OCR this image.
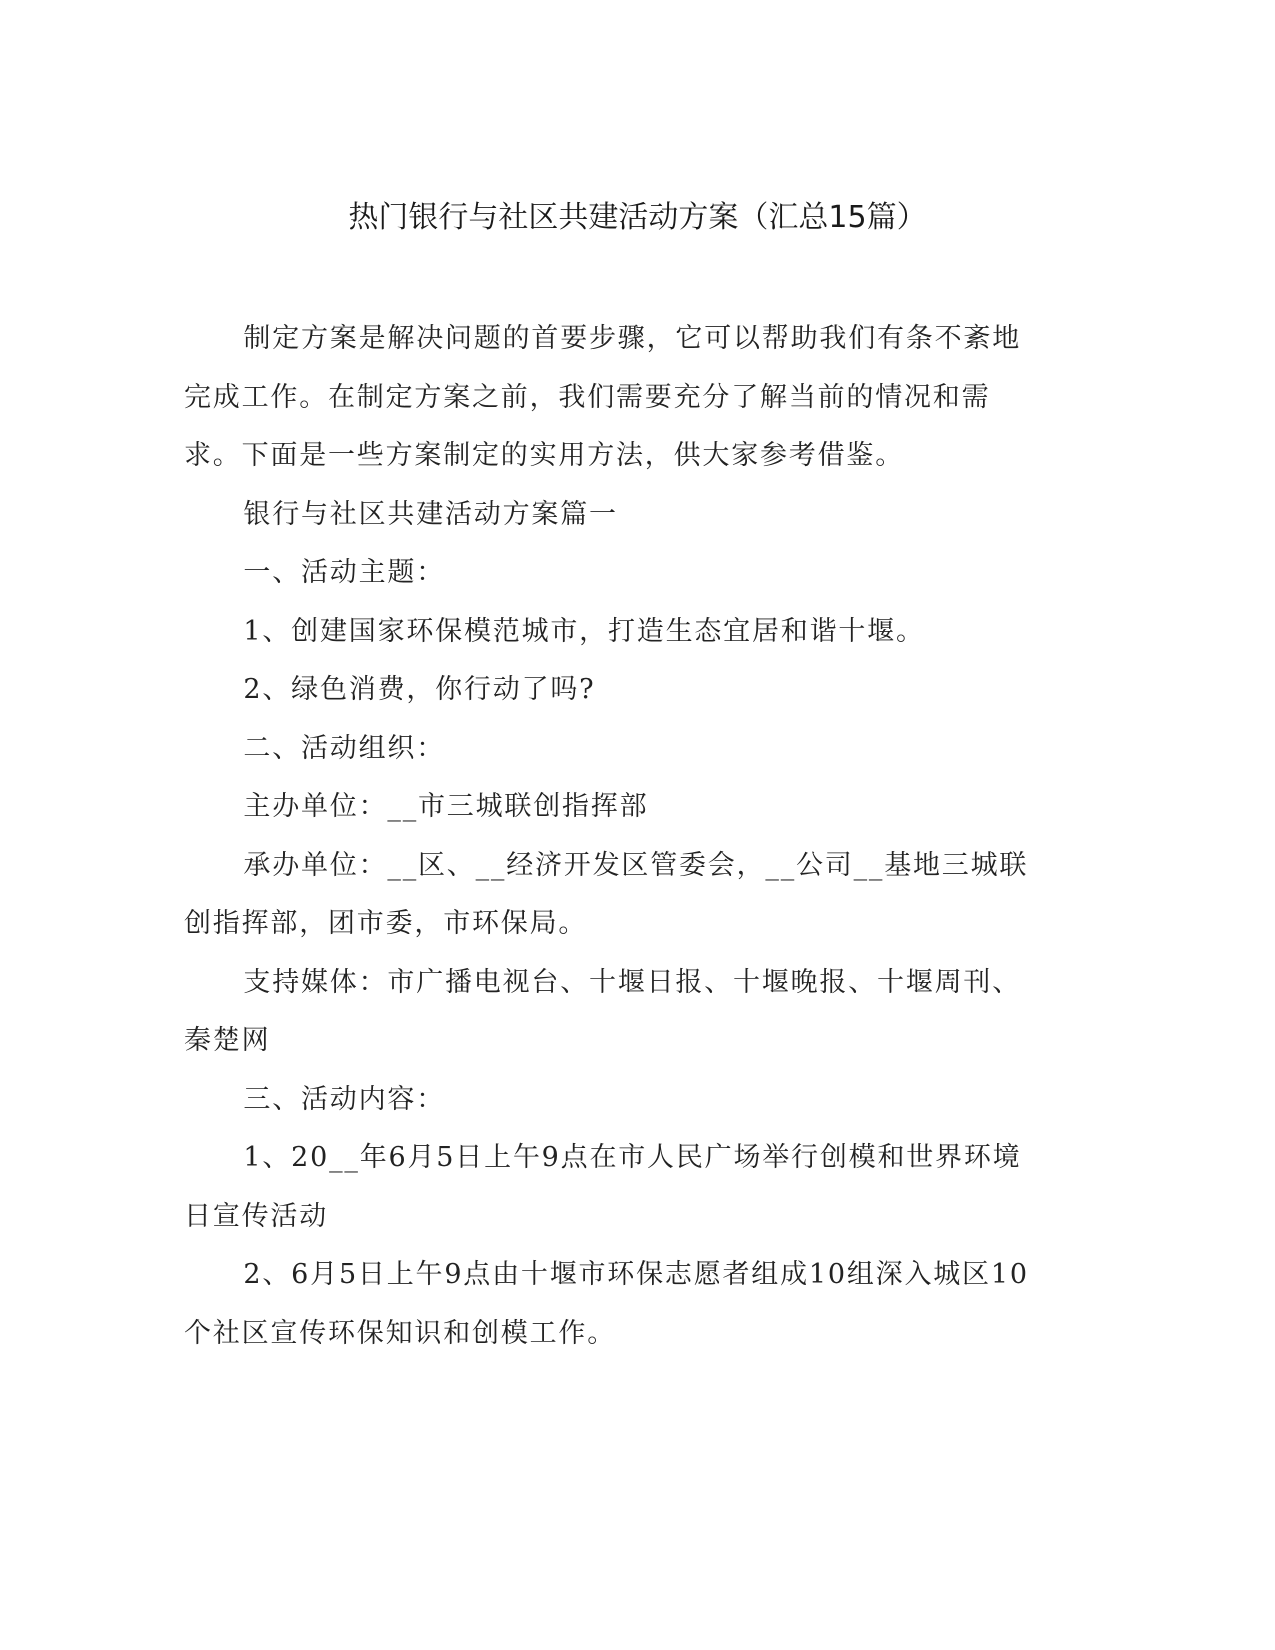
热门银行与社区共建活动方案（汇总15篇）

制定方案是解决问题的首要步骤，它可以帮助我们有条不紊地完成工作。在制定方案之前，我们需要充分了解当前的情况和需求。下面是一些方案制定的实用方法，供大家参考借鉴。

银行与社区共建活动方案篇一

一、活动主题：

1、创建国家环保模范城市，打造生态宜居和谐十堰。

2、绿色消费，你行动了吗?

二、活动组织：

主办单位：__市三城联创指挥部

承办单位：__区、__经济开发区管委会，__公司__基地三城联创指挥部，团市委，市环保局。

支持媒体：市广播电视台、十堰日报、十堰晚报、十堰周刊、秦楚网

三、活动内容：

1、20__年6月5日上午9点在市人民广场举行创模和世界环境日宣传活动

2、6月5日上午9点由十堰市环保志愿者组成10组深入城区10个社区宣传环保知识和创模工作。
